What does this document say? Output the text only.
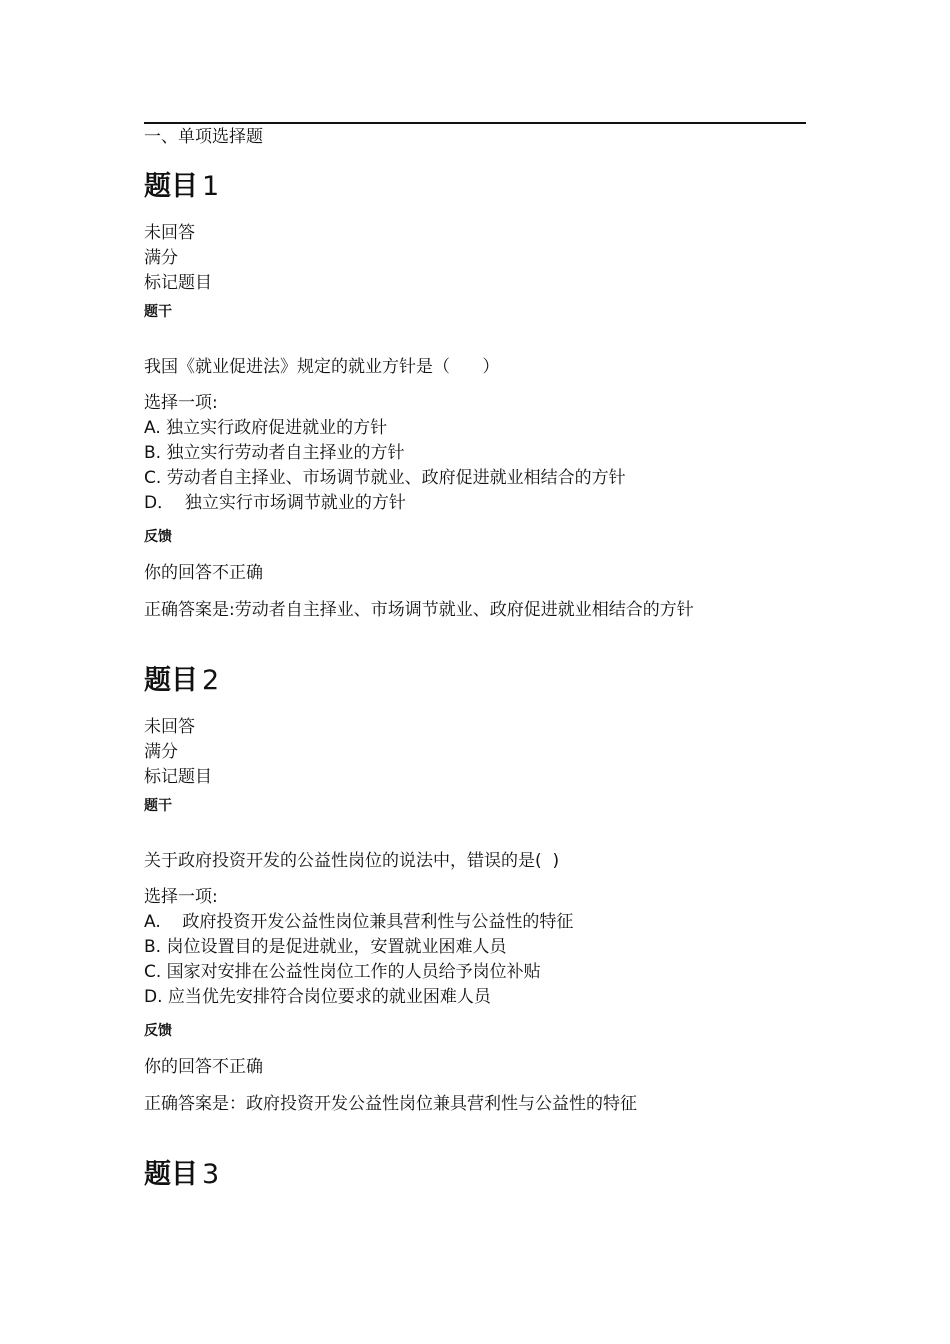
一、单项选择题
题目 1
未回答
满分
标记题目
题干
我国《就业促进法》规定的就业方针是（      ）
选择一项:
A. 独立实行政府促进就业的方针
B. 独立实行劳动者自主择业的方针
C. 劳动者自主择业、市场调节就业、政府促进就业相结合的方针
D．  独立实行市场调节就业的方针
反馈
你的回答不正确
正确答案是:劳动者自主择业、市场调节就业、政府促进就业相结合的方针
题目 2
未回答
满分
标记题目
题干
关于政府投资开发的公益性岗位的说法中，错误的是(  )
选择一项:
A.    政府投资开发公益性岗位兼具营利性与公益性的特征
B. 岗位设置目的是促进就业，安置就业困难人员
C. 国家对安排在公益性岗位工作的人员给予岗位补贴
D. 应当优先安排符合岗位要求的就业困难人员
反馈
你的回答不正确
正确答案是：政府投资开发公益性岗位兼具营利性与公益性的特征
题目 3
